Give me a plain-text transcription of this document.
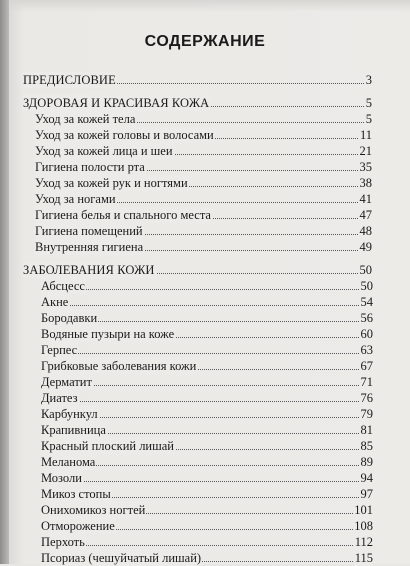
СОДЕРЖАНИЕ
ПРЕДИСЛОВИЕ	3
ЗДОРОВАЯ И КРАСИВАЯ КОЖА	5
Уход за кожей тела	5
Уход за кожей головы и волосами	11
Уход за кожей лица и шеи	21
Гигиена полости рта	35
Уход за кожей рук и ногтями	38
Уход за ногами	41
Гигиена белья и спального места	47
Гигиена помещений	48
Внутренняя гигиена	49
ЗАБОЛЕВАНИЯ КОЖИ	50
Абсцесс	50
Акне	54
Бородавки	56
Водяные пузыри на коже	60
Герпес	63
Грибковые заболевания кожи	67
Дерматит	71
Диатез	76
Карбункул	79
Крапивница	81
Красный плоский лишай	85
Меланома	89
Мозоли	94
Микоз стопы	97
Онихомикоз ногтей	101
Отморожение	108
Перхоть	112
Псориаз (чешуйчатый лишай)	115
